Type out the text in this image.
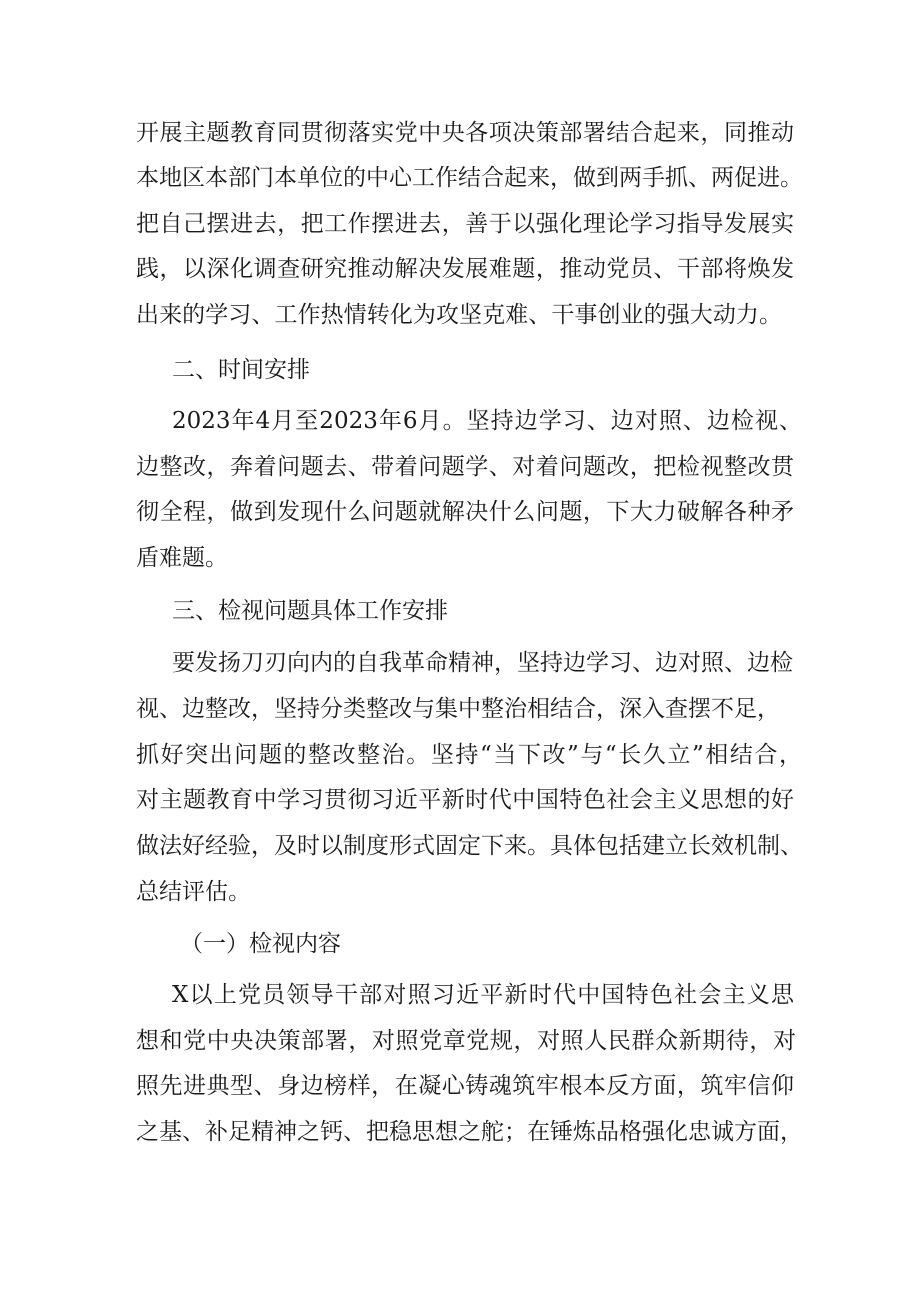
开展主题教育同贯彻落实党中央各项决策部署结合起来，同推动
本地区本部门本单位的中心工作结合起来，做到两手抓、两促进。
把自己摆进去，把工作摆进去，善于以强化理论学习指导发展实
践，以深化调查研究推动解决发展难题，推动党员、干部将焕发
出来的学习、工作热情转化为攻坚克难、干事创业的强大动力。
二、时间安排
2023年4月至2023年6月。坚持边学习、边对照、边检视、
边整改，奔着问题去、带着问题学、对着问题改，把检视整改贯
彻全程，做到发现什么问题就解决什么问题，下大力破解各种矛
盾难题。
三、检视问题具体工作安排
要发扬刀刃向内的自我革命精神，坚持边学习、边对照、边检
视、边整改，坚持分类整改与集中整治相结合，深入查摆不足，
抓好突出问题的整改整治。坚持“当下改”与“长久立”相结合，
对主题教育中学习贯彻习近平新时代中国特色社会主义思想的好
做法好经验，及时以制度形式固定下来。具体包括建立长效机制、
总结评估。
（一）检视内容
X以上党员领导干部对照习近平新时代中国特色社会主义思
想和党中央决策部署，对照党章党规，对照人民群众新期待，对
照先进典型、身边榜样，在凝心铸魂筑牢根本反方面，筑牢信仰
之基、补足精神之钙、把稳思想之舵；在锤炼品格强化忠诚方面，
